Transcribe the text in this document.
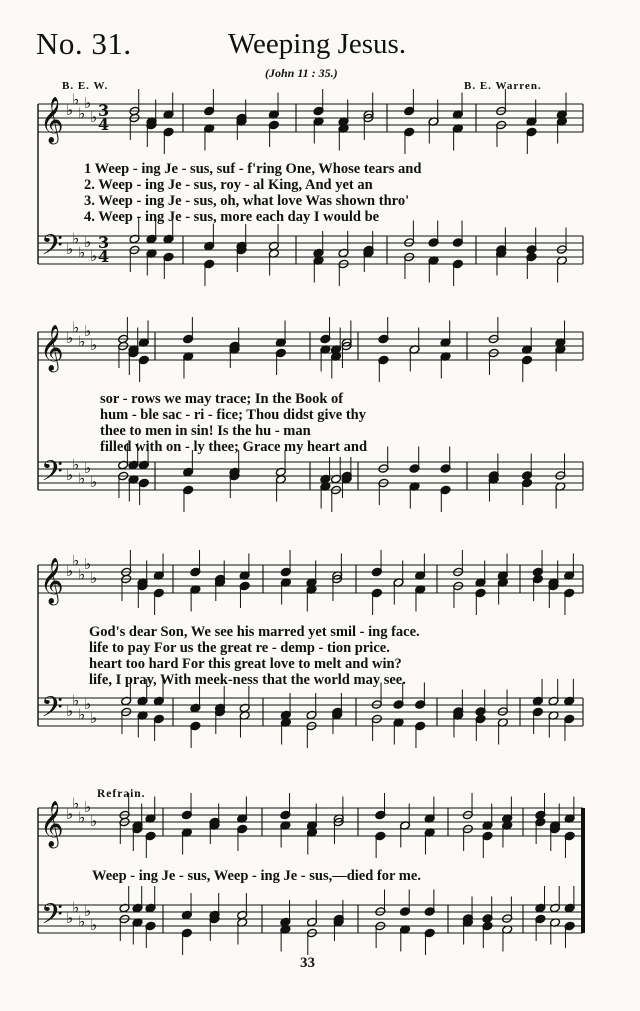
𝄞
𝄢
♭
♭
♭
♭
♭
♭
♭
♭
♭
♭
3
3
4
4
𝄞
𝄢
♭
♭
♭
♭
♭
♭
♭
♭
♭
♭
𝄞
𝄢
♭
♭
♭
♭
♭
♭
♭
♭
♭
♭
𝄞
𝄢
♭
♭
♭
♭
♭
♭
♭
♭
♭
♭
No. 31.	Weeping Jesus.
(John 11 : 35.)
B. E. W.	B. E. Warren.
1 Weep - ing Je - sus, suf - f'ring One, Whose tears and
2. Weep - ing Je - sus, roy - al King, And yet an
3. Weep - ing Je - sus, oh, what love Was shown thro'
4. Weep - ing Je - sus, more each day I would be
sor - rows we may trace; In the Book of
hum - ble sac - ri - fice; Thou didst give thy
thee to men in sin! Is the hu - man
filled with on - ly thee; Grace my heart and
God's dear Son, We see his marred yet smil - ing face.
life to pay For us the great re - demp - tion price.
heart too hard For this great love to melt and win?
life, I pray, With meek-ness that the world may see.
Refrain.
Weep - ing Je - sus, Weep - ing Je - sus,—died for me.
33
